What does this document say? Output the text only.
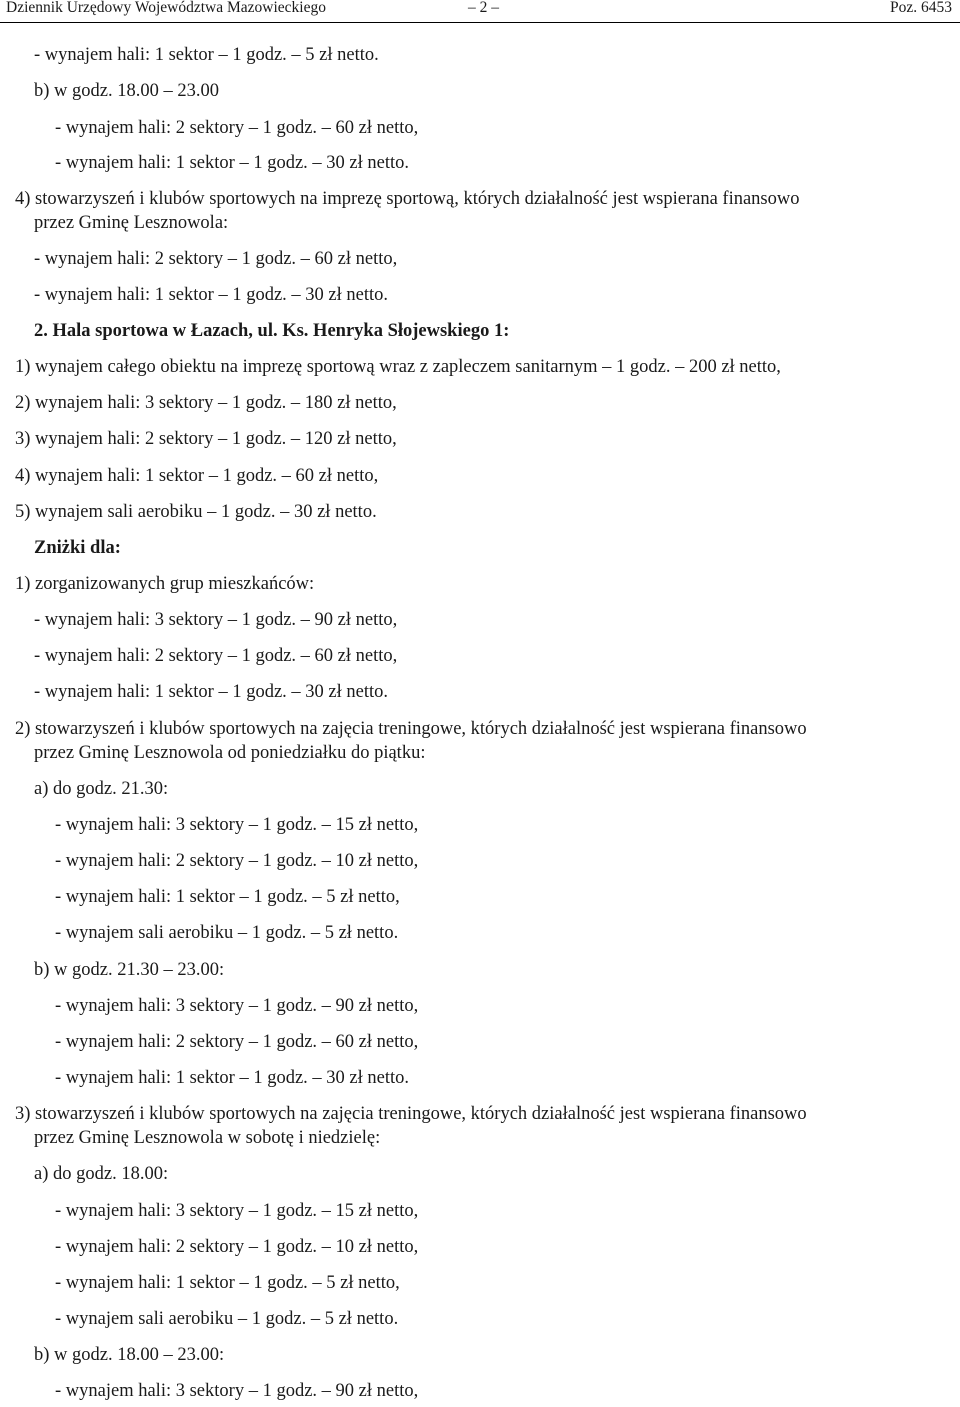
Dziennik Urzędowy Województwa Mazowieckiego	– 2 –	Poz. 6453
- wynajem hali: 1 sektor – 1 godz. – 5 zł netto.
b) w godz. 18.00 – 23.00
- wynajem hali: 2 sektory – 1 godz. – 60 zł netto,
- wynajem hali: 1 sektor – 1 godz. – 30 zł netto.
4) stowarzyszeń i klubów sportowych na imprezę sportową, których działalność jest wspierana finansowo
przez Gminę Lesznowola:
- wynajem hali: 2 sektory – 1 godz. – 60 zł netto,
- wynajem hali: 1 sektor – 1 godz. – 30 zł netto.
2. Hala sportowa w Łazach, ul. Ks. Henryka Słojewskiego 1:
1) wynajem całego obiektu na imprezę sportową wraz z zapleczem sanitarnym – 1 godz. – 200 zł netto,
2) wynajem hali: 3 sektory – 1 godz. – 180 zł netto,
3) wynajem hali: 2 sektory – 1 godz. – 120 zł netto,
4) wynajem hali: 1 sektor – 1 godz. – 60 zł netto,
5) wynajem sali aerobiku – 1 godz. – 30 zł netto.
Zniżki dla:
1) zorganizowanych grup mieszkańców:
- wynajem hali: 3 sektory – 1 godz. – 90 zł netto,
- wynajem hali: 2 sektory – 1 godz. – 60 zł netto,
- wynajem hali: 1 sektor – 1 godz. – 30 zł netto.
2) stowarzyszeń i klubów sportowych na zajęcia treningowe, których działalność jest wspierana finansowo
przez Gminę Lesznowola od poniedziałku do piątku:
a) do godz. 21.30:
- wynajem hali: 3 sektory – 1 godz. – 15 zł netto,
- wynajem hali: 2 sektory – 1 godz. – 10 zł netto,
- wynajem hali: 1 sektor – 1 godz. – 5 zł netto,
- wynajem sali aerobiku – 1 godz. – 5 zł netto.
b) w godz. 21.30 – 23.00:
- wynajem hali: 3 sektory – 1 godz. – 90 zł netto,
- wynajem hali: 2 sektory – 1 godz. – 60 zł netto,
- wynajem hali: 1 sektor – 1 godz. – 30 zł netto.
3) stowarzyszeń i klubów sportowych na zajęcia treningowe, których działalność jest wspierana finansowo
przez Gminę Lesznowola w sobotę i niedzielę:
a) do godz. 18.00:
- wynajem hali: 3 sektory – 1 godz. – 15 zł netto,
- wynajem hali: 2 sektory – 1 godz. – 10 zł netto,
- wynajem hali: 1 sektor – 1 godz. – 5 zł netto,
- wynajem sali aerobiku – 1 godz. – 5 zł netto.
b) w godz. 18.00 – 23.00:
- wynajem hali: 3 sektory – 1 godz. – 90 zł netto,
